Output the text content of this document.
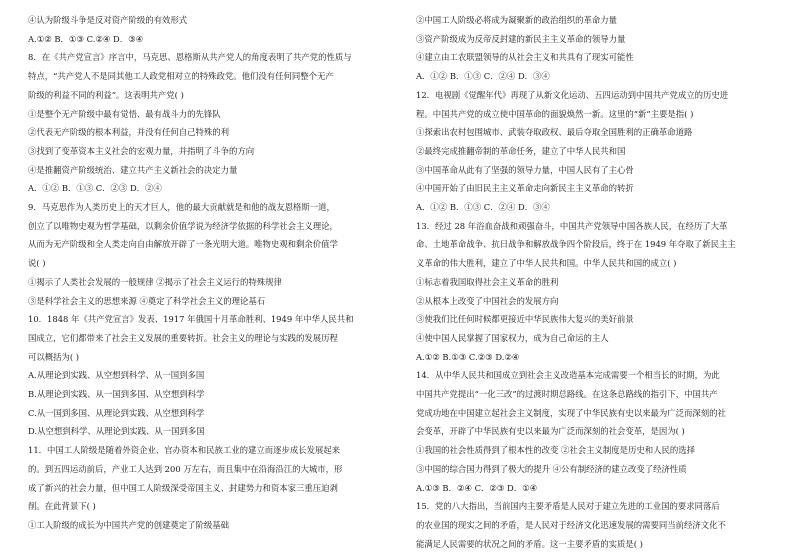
④认为阶级斗争是反对资产阶级的有效形式
A.①② B．①③ C.②④ D．③④
8．在《共产党宣言》序言中，马克思、恩格斯从共产党人的角度表明了共产党的性质与
特点，“共产党人不是同其他工人政党相对立的特殊政党。他们没有任何同整个无产
阶级的利益不同的利益”。这表明共产党( )
①是整个无产阶级中最有觉悟、最有战斗力的先锋队
②代表无产阶级的根本利益，并没有任何自己特殊的利
③找到了变革资本主义社会的宏观力量，并指明了斗争的方向
④是推翻资产阶级统治、建立共产主义新社会的决定力量
A．①② B．①③ C．②③ D．②④
9．马克思作为人类历史上的天才巨人，他的最大贡献就是和他的战友恩格斯一道，
创立了以唯物史观为哲学基础，以剩余价值学说为经济学依据的科学社会主义理论，
从而为无产阶级和全人类走向自由解放开辟了一条光明大道。唯物史观和剩余价值学
说( )
①揭示了人类社会发展的一般规律 ②揭示了社会主义运行的特殊规律
③是科学社会主义的思想来源 ④奠定了科学社会主义的理论基石
10．1848 年《共产党宣言》发表、1917 年俄国十月革命胜利、1949 年中华人民共和
国成立，它们都带来了社会主义发展的重要转折。社会主义的理论与实践的发展历程
可以概括为( )
A.从理论到实践、从空想到科学、从一国到多国
B.从理论到实践、从一国到多国、从空想到科学
C.从一国到多国、从理论到实践、从空想到科学
D.从空想到科学、从理论到实践、从一国到多国
11．中国工人阶级是随着外资企业、官办资本和民族工业的建立而逐步成长发展起来
的。到五四运动前后，产业工人达到 200 万左右，而且集中在沿海沿江的大城市，形
成了新兴的社会力量，但中国工人阶级深受帝国主义、封建势力和资本家三重压迫剥
削。在此背景下( )
①工人阶级的成长为中国共产党的创建奠定了阶级基础
②中国工人阶级必将成为凝聚新的政治组织的革命力量
③资产阶级成为反帝反封建的新民主主义革命的领导力量
④建立由工农联盟领导的从社会主义和共具有了现实可能性
A．①② B．①③ C．②④ D．③④
12．电视剧《觉醒年代》再现了从新文化运动、五四运动到中国共产党成立的历史进
程。中国共产党的成立使中国革命的面貌焕然一新。这里的“新”主要是指( )
①探索出农村包围城市、武装夺取政权、最后夺取全国胜利的正确革命道路
②最终完成推翻帝制的革命任务，建立了中华人民共和国
③中国革命从此有了坚强的领导力量，中国人民有了主心骨
④中国开始了由旧民主主义革命走向新民主主义革命的转折
A．①② B．①③ C．②④ D．③④
13．经过 28 年浴血奋战和顽强奋斗，中国共产党领导中国各族人民，在经历了大革
命、土地革命战争、抗日战争和解放战争四个阶段后，终于在 1949 年夺取了新民主主
义革命的伟大胜利，建立了中华人民共和国。中华人民共和国的成立( )
①标志着我国取得社会主义革命的胜利
②从根本上改变了中国社会的发展方向
③使我们比任何时候都更接近中华民族伟大复兴的美好前景
④使中国人民掌握了国家权力，成为自己命运的主人
A.①② B.①③ C.②③ D.②④
14．从中华人民共和国成立到社会主义改造基本完成需要一个相当长的时期，为此
中国共产党提出“一化三改”的过渡时期总路线。在这条总路线的指引下，中国共产
党成功地在中国建立起社会主义制度，实现了中华民族有史以来最为广泛而深刻的社
会变革，开辟了中华民族有史以来最为广泛而深刻的社会变革，是因为( )
①我国的社会性质得到了根本性的改变 ②社会主义制度是历史和人民的选择
③中国的综合国力得到了极大的提升 ④公有制经济的建立改变了经济性质
A.①③ B．②④ C．②③ D．①④
15．党的八大指出，当前国内主要矛盾是人民对于建立先进的工业国的要求同落后
的农业国的现实之间的矛盾，是人民对于经济文化迅速发展的需要同当前经济文化不
能满足人民需要的状况之间的矛盾。这一主要矛盾的实质是( )
